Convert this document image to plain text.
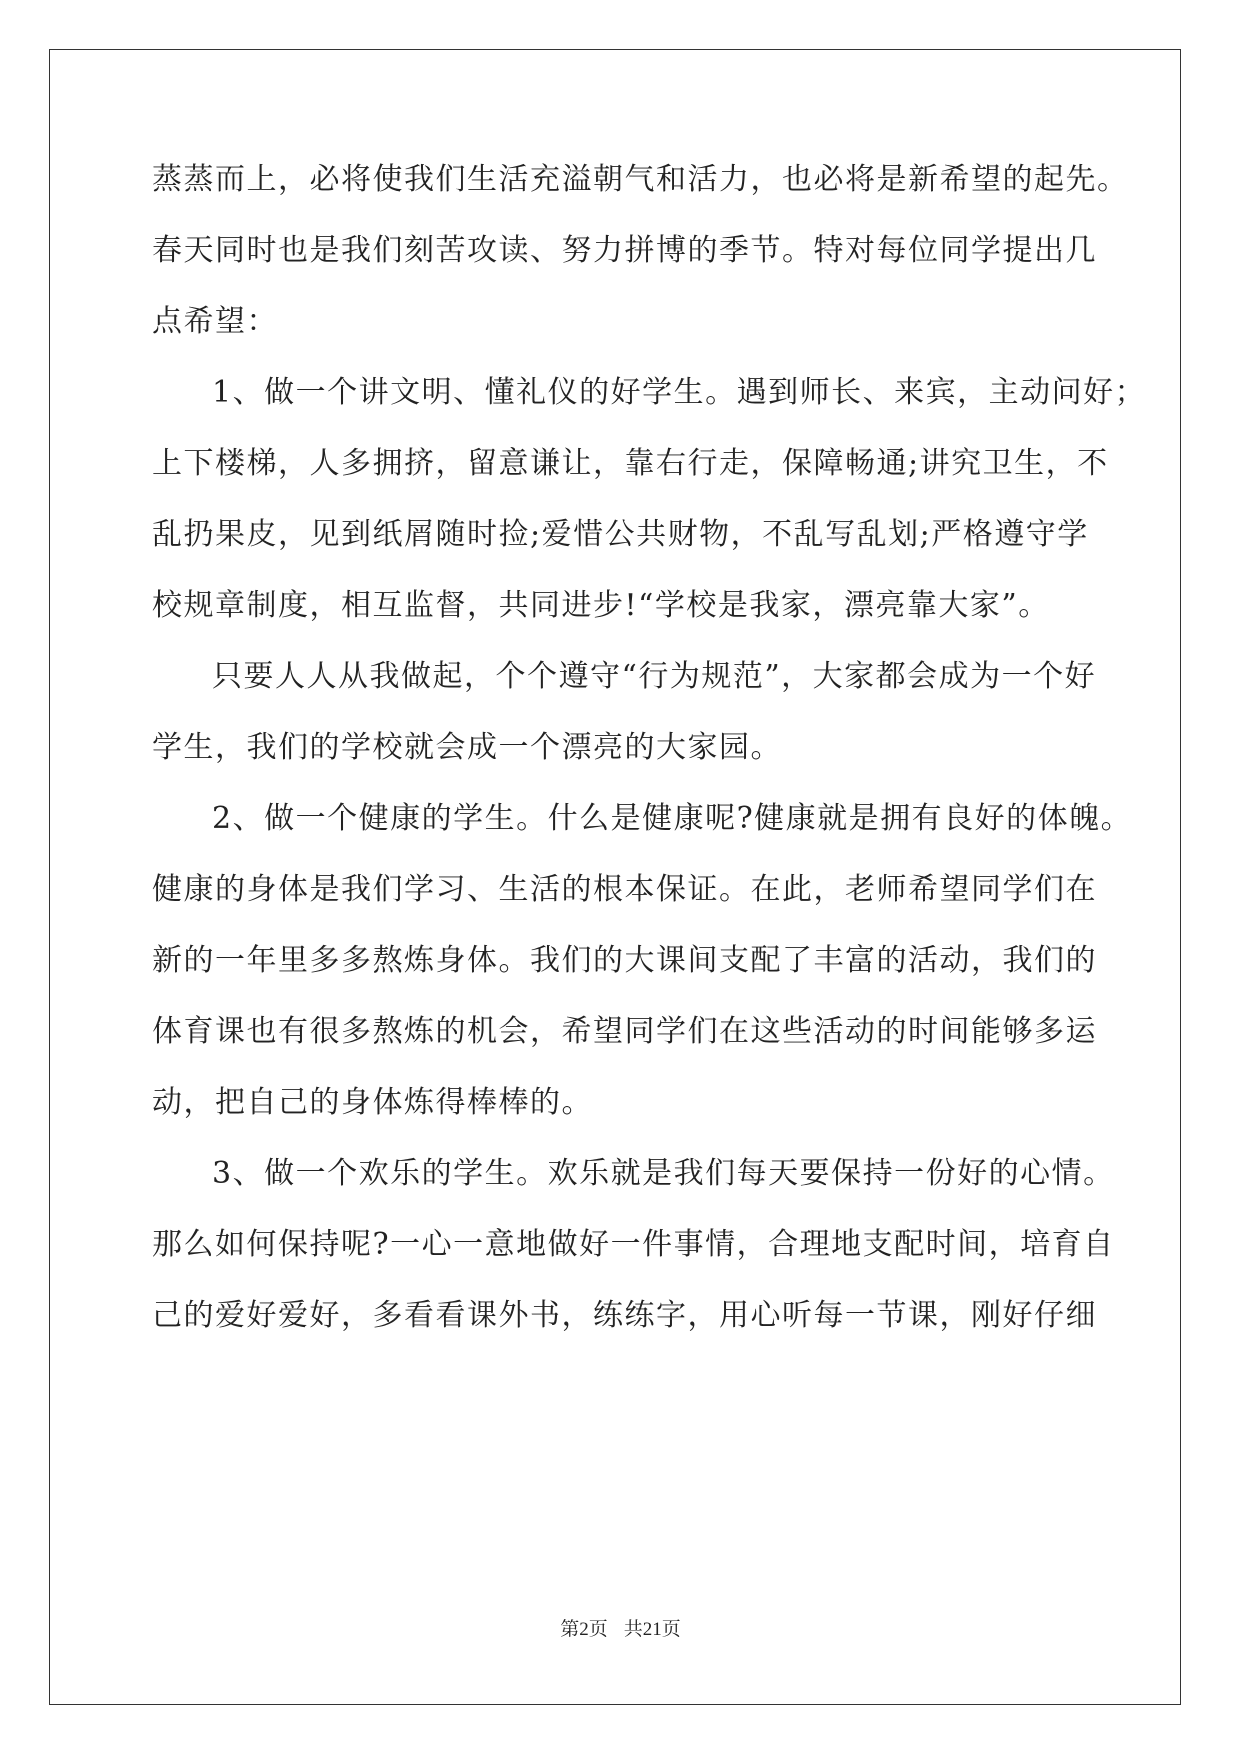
蒸蒸而上，必将使我们生活充溢朝气和活力，也必将是新希望的起先。
春天同时也是我们刻苦攻读、努力拼博的季节。特对每位同学提出几
点希望：
1、做一个讲文明、懂礼仪的好学生。遇到师长、来宾，主动问好；
上下楼梯，人多拥挤，留意谦让，靠右行走，保障畅通;讲究卫生，不
乱扔果皮，见到纸屑随时捡;爱惜公共财物，不乱写乱划;严格遵守学
校规章制度，相互监督，共同进步!“学校是我家，漂亮靠大家”。
只要人人从我做起，个个遵守“行为规范”，大家都会成为一个好
学生，我们的学校就会成一个漂亮的大家园。
2、做一个健康的学生。什么是健康呢?健康就是拥有良好的体魄。
健康的身体是我们学习、生活的根本保证。在此，老师希望同学们在
新的一年里多多熬炼身体。我们的大课间支配了丰富的活动，我们的
体育课也有很多熬炼的机会，希望同学们在这些活动的时间能够多运
动，把自己的身体炼得棒棒的。
3、做一个欢乐的学生。欢乐就是我们每天要保持一份好的心情。
那么如何保持呢?一心一意地做好一件事情，合理地支配时间，培育自
己的爱好爱好，多看看课外书，练练字，用心听每一节课，刚好仔细
第2页 共21页
